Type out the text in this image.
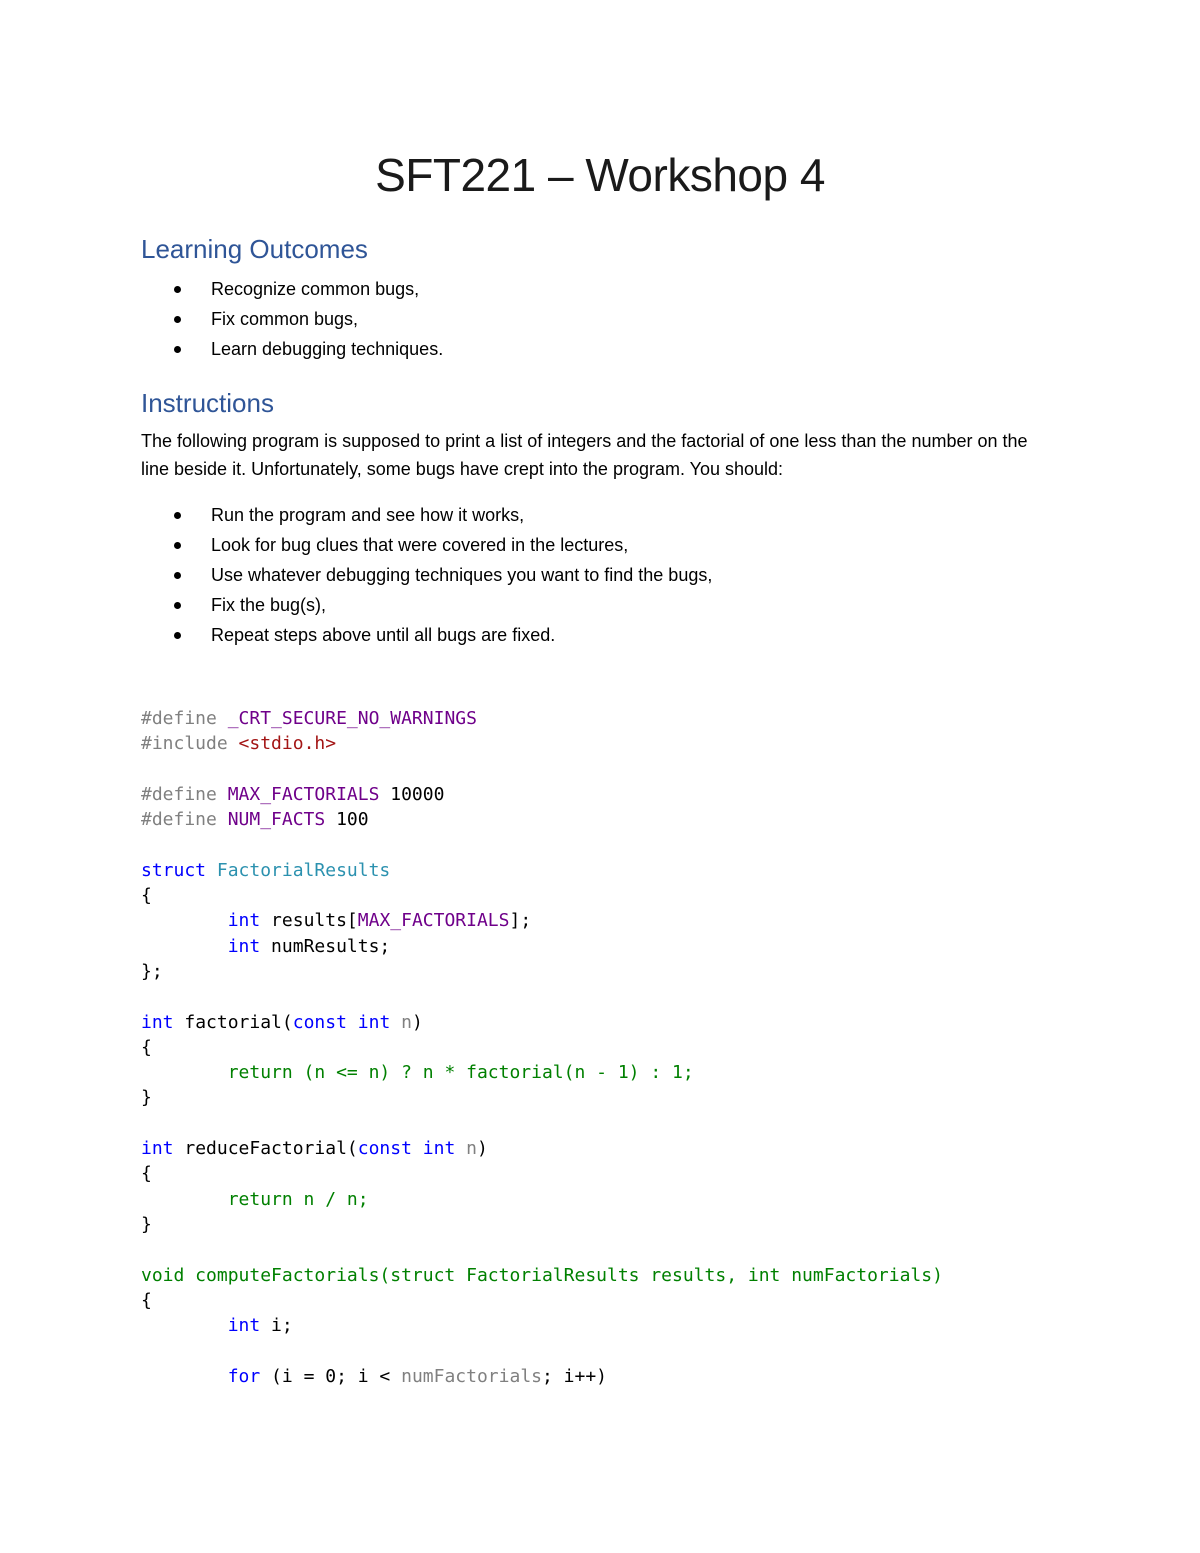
SFT221 – Workshop 4
Learning Outcomes
Recognize common bugs,
Fix common bugs,
Learn debugging techniques.
Instructions
The following program is supposed to print a list of integers and the factorial of one less than the number on the line beside it. Unfortunately, some bugs have crept into the program. You should:
Run the program and see how it works,
Look for bug clues that were covered in the lectures,
Use whatever debugging techniques you want to find the bugs,
Fix the bug(s),
Repeat steps above until all bugs are fixed.
#define _CRT_SECURE_NO_WARNINGS
#include <stdio.h>

#define MAX_FACTORIALS 10000
#define NUM_FACTS 100

struct FactorialResults
{
int results[MAX_FACTORIALS];
int numResults;
};

int factorial(const int n)
{
return (n <= n) ? n * factorial(n - 1) : 1;
}

int reduceFactorial(const int n)
{
return n / n;
}

void computeFactorials(struct FactorialResults results, int numFactorials)
{
int i;

for (i = 0; i < numFactorials; i++)
